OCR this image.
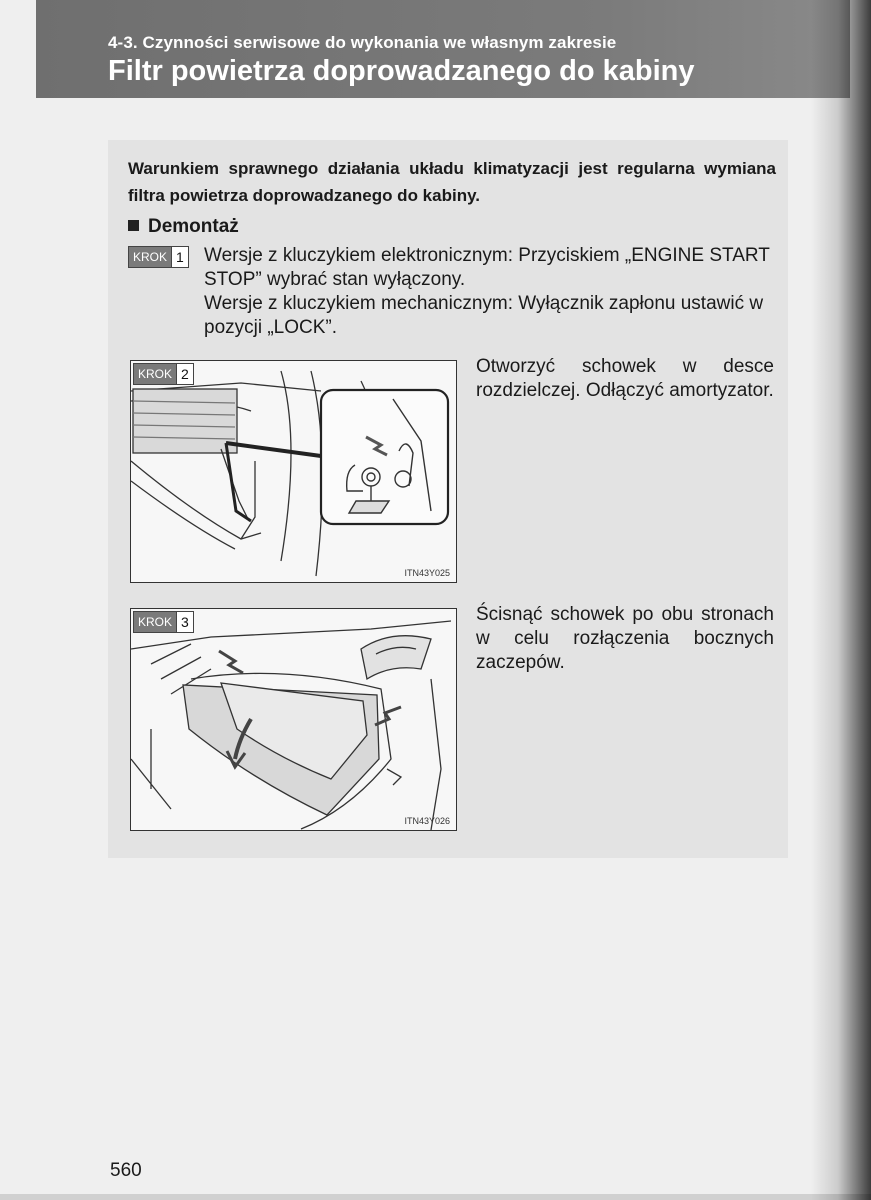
4-3. Czynności serwisowe do wykonania we własnym zakresie
Filtr powietrza doprowadzanego do kabiny
Warunkiem sprawnego działania układu klimatyzacji jest regularna wymiana filtra powietrza doprowadzanego do kabiny.
Demontaż
KROK 1 Wersje z kluczykiem elektronicznym: Przyciskiem „ENGINE START STOP” wybrać stan wyłączony.

Wersje z kluczykiem mechanicznym: Wyłącznik zapłonu ustawić w pozycji „LOCK”.

KROK 2
ITN43Y025
Otworzyć schowek w desce rozdzielczej. Odłączyć amortyzator.
KROK 3
ITN43Y026
Ścisnąć schowek po obu stronach w celu rozłączenia bocznych zaczepów.
560
